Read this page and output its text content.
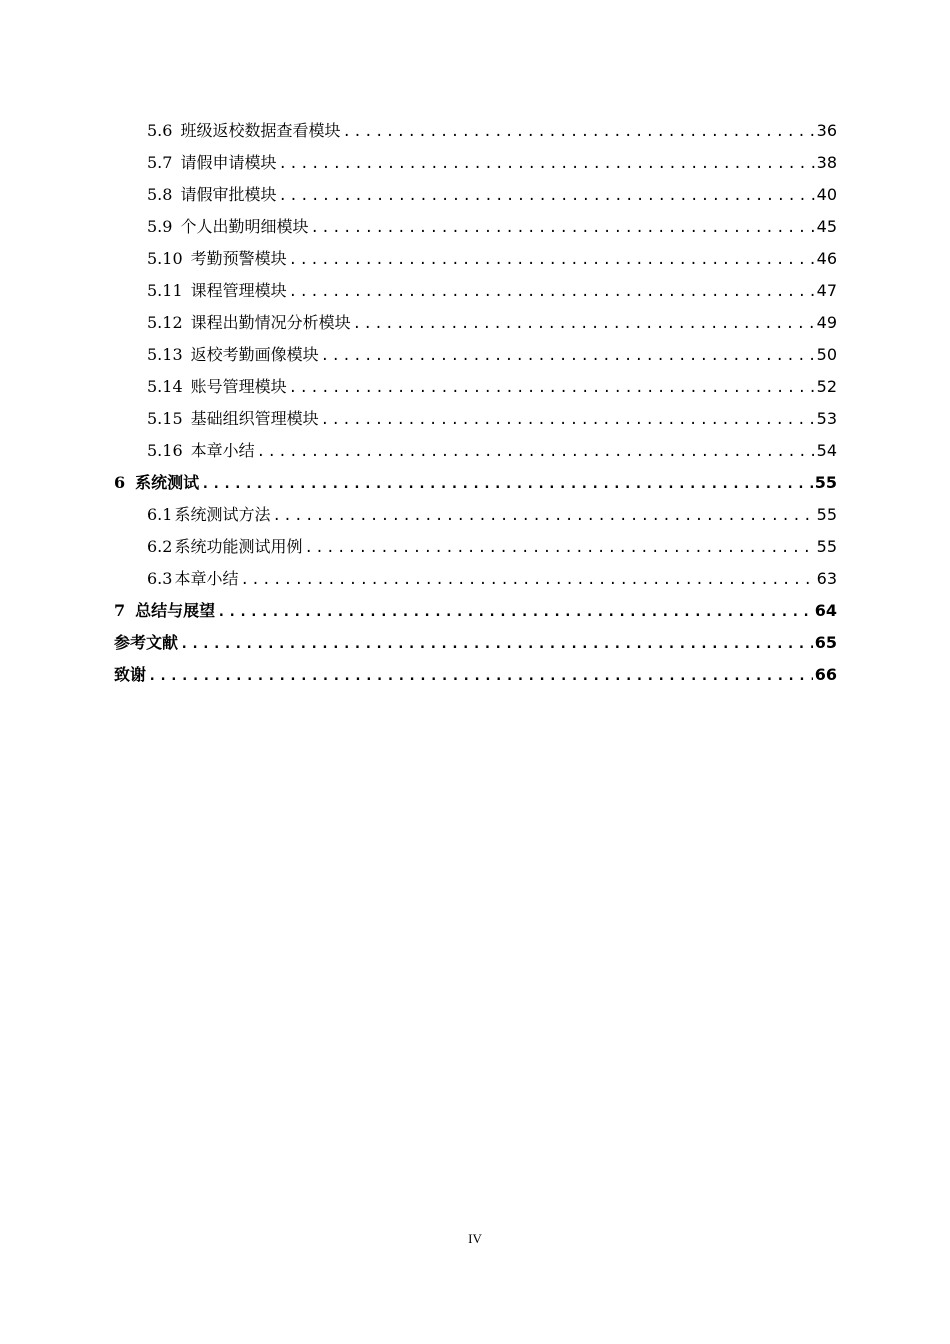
5.6 班级返校数据查看模块 .....	36
5.7 请假申请模块 .....	38
5.8 请假审批模块 .....	40
5.9 个人出勤明细模块 .....	45
5.10 考勤预警模块 .....	46
5.11 课程管理模块 .....	47
5.12 课程出勤情况分析模块 .....	49
5.13 返校考勤画像模块 .....	50
5.14 账号管理模块 .....	52
5.15 基础组织管理模块 .....	53
5.16 本章小结 .....	54
6 系统测试 .....	55
6.1 系统测试方法 .....	55
6.2 系统功能测试用例 .....	55
6.3 本章小结 .....	63
7 总结与展望 .....	64
参考文献 .....	65
致谢 .....	66
IV
